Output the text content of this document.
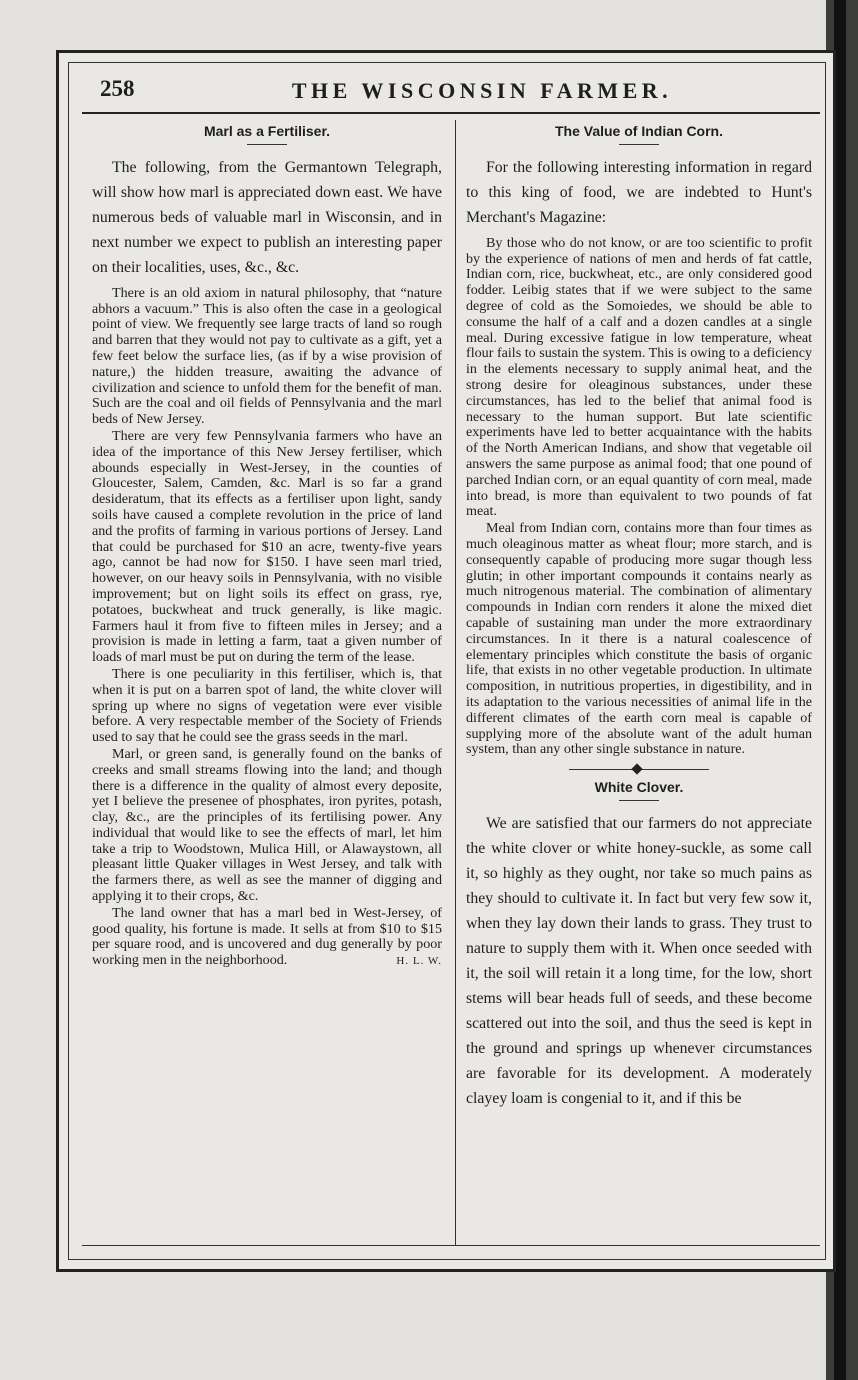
258	THE WISCONSIN FARMER.
Marl as a Fertiliser.

The following, from the Germantown Telegraph, will show how marl is appreciated down east. We have numerous beds of valuable marl in Wisconsin, and in next number we expect to publish an interesting paper on their localities, uses, &c., &c.

There is an old axiom in natural philosophy, that “nature abhors a vacuum.” This is also often the case in a geological point of view. We frequently see large tracts of land so rough and barren that they would not pay to cultivate as a gift, yet a few feet below the surface lies, (as if by a wise provision of nature,) the hidden treasure, awaiting the advance of civilization and science to unfold them for the benefit of man. Such are the coal and oil fields of Pennsylvania and the marl beds of New Jersey.

There are very few Pennsylvania farmers who have an idea of the importance of this New Jersey fertiliser, which abounds especially in West-Jersey, in the counties of Gloucester, Salem, Camden, &c. Marl is so far a grand desideratum, that its effects as a fertiliser upon light, sandy soils have caused a complete revolution in the price of land and the profits of farming in various portions of Jersey. Land that could be purchased for $10 an acre, twenty-five years ago, cannot be had now for $150. I have seen marl tried, however, on our heavy soils in Pennsylvania, with no visible improvement; but on light soils its effect on grass, rye, potatoes, buckwheat and truck generally, is like magic. Farmers haul it from five to fifteen miles in Jersey; and a provision is made in letting a farm, taat a given number of loads of marl must be put on during the term of the lease.

There is one peculiarity in this fertiliser, which is, that when it is put on a barren spot of land, the white clover will spring up where no signs of vegetation were ever visible before. A very respectable member of the Society of Friends used to say that he could see the grass seeds in the marl.

Marl, or green sand, is generally found on the banks of creeks and small streams flowing into the land; and though there is a difference in the quality of almost every deposite, yet I believe the presenee of phosphates, iron pyrites, potash, clay, &c., are the principles of its fertilising power. Any individual that would like to see the effects of marl, let him take a trip to Woodstown, Mulica Hill, or Alawaystown, all pleasant little Quaker villages in West Jersey, and talk with the farmers there, as well as see the manner of digging and applying it to their crops, &c.

The land owner that has a marl bed in West-Jersey, of good quality, his fortune is made. It sells at from $10 to $15 per square rood, and is uncovered and dug generally by poor working men in the neighborhood.	H. L. W.

The Value of Indian Corn.

For the following interesting information in regard to this king of food, we are indebted to Hunt's Merchant's Magazine:

By those who do not know, or are too scientific to profit by the experience of nations of men and herds of fat cattle, Indian corn, rice, buckwheat, etc., are only considered good fodder. Leibig states that if we were subject to the same degree of cold as the Somoiedes, we should be able to consume the half of a calf and a dozen candles at a single meal. During excessive fatigue in low temperature, wheat flour fails to sustain the system. This is owing to a deficiency in the elements necessary to supply animal heat, and the strong desire for oleaginous substances, under these circumstances, has led to the belief that animal food is necessary to the human support. But late scientific experiments have led to better acquaintance with the habits of the North American Indians, and show that vegetable oil answers the same purpose as animal food; that one pound of parched Indian corn, or an equal quantity of corn meal, made into bread, is more than equivalent to two pounds of fat meat.

Meal from Indian corn, contains more than four times as much oleaginous matter as wheat flour; more starch, and is consequently capable of producing more sugar though less glutin; in other important compounds it contains nearly as much nitrogenous material. The combination of alimentary compounds in Indian corn renders it alone the mixed diet capable of sustaining man under the more extraordinary circumstances. In it there is a natural coalescence of elementary principles which constitute the basis of organic life, that exists in no other vegetable production. In ultimate composition, in nutritious properties, in digestibility, and in its adaptation to the various necessities of animal life in the different climates of the earth corn meal is capable of supplying more of the absolute want of the adult human system, than any other single substance in nature.

White Clover.

We are satisfied that our farmers do not appreciate the white clover or white honey-suckle, as some call it, so highly as they ought, nor take so much pains as they should to cultivate it. In fact but very few sow it, when they lay down their lands to grass. They trust to nature to supply them with it. When once seeded with it, the soil will retain it a long time, for the low, short stems will bear heads full of seeds, and these become scattered out into the soil, and thus the seed is kept in the ground and springs up whenever circumstances are favorable for its development. A moderately clayey loam is congenial to it, and if this be
